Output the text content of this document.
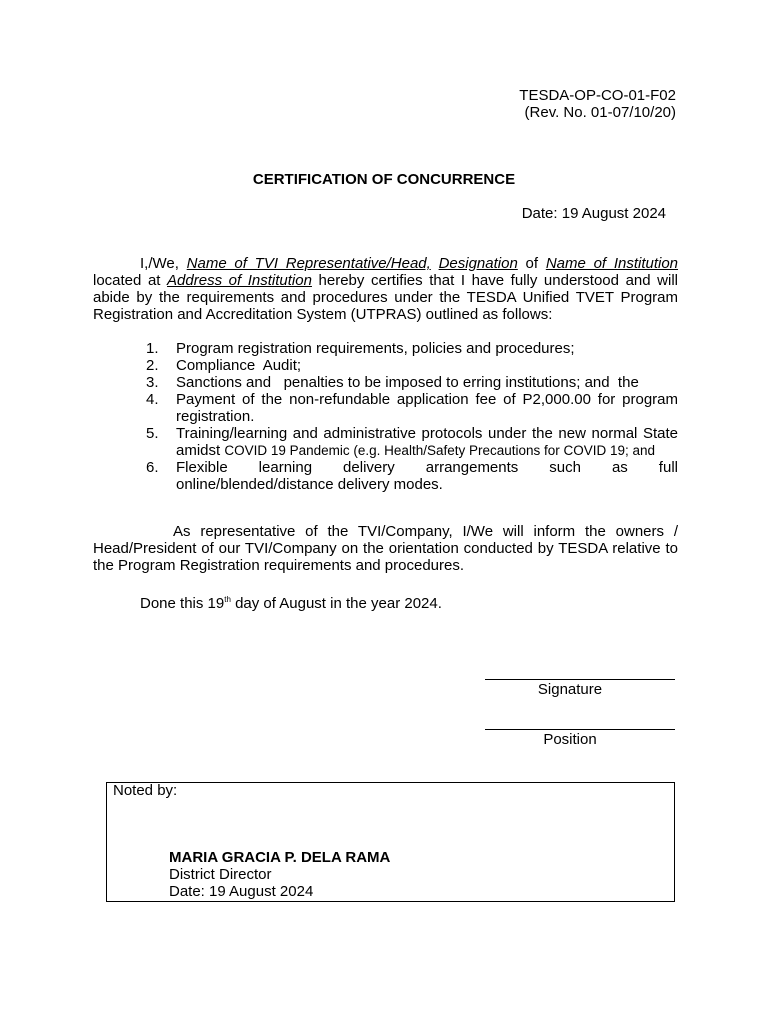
TESDA-OP-CO-01-F02
(Rev. No. 01-07/10/20)
CERTIFICATION OF CONCURRENCE
Date: 19 August 2024
I,/We, Name of TVI Representative/Head, Designation of Name of Institution located at Address of Institution hereby certifies that I have fully understood and will abide by the requirements and procedures under the TESDA Unified TVET Program Registration and Accreditation System (UTPRAS) outlined as follows:
1. Program registration requirements, policies and procedures;
2. Compliance  Audit;
3. Sanctions and   penalties to be imposed to erring institutions; and  the
4. Payment of the non-refundable application fee of P2,000.00 for program registration.
5. Training/learning and administrative protocols under the new normal State amidst COVID 19 Pandemic (e.g. Health/Safety Precautions for COVID 19; and
6. Flexible learning delivery arrangements such as full
online/blended/distance delivery modes.
As representative of the TVI/Company, I/We will inform the owners / Head/President of our TVI/Company on the orientation conducted by TESDA relative to the Program Registration requirements and procedures.
Done this 19th day of August in the year 2024.
Signature
Position
Noted by:
MARIA GRACIA P. DELA RAMA
District Director
Date: 19 August 2024
